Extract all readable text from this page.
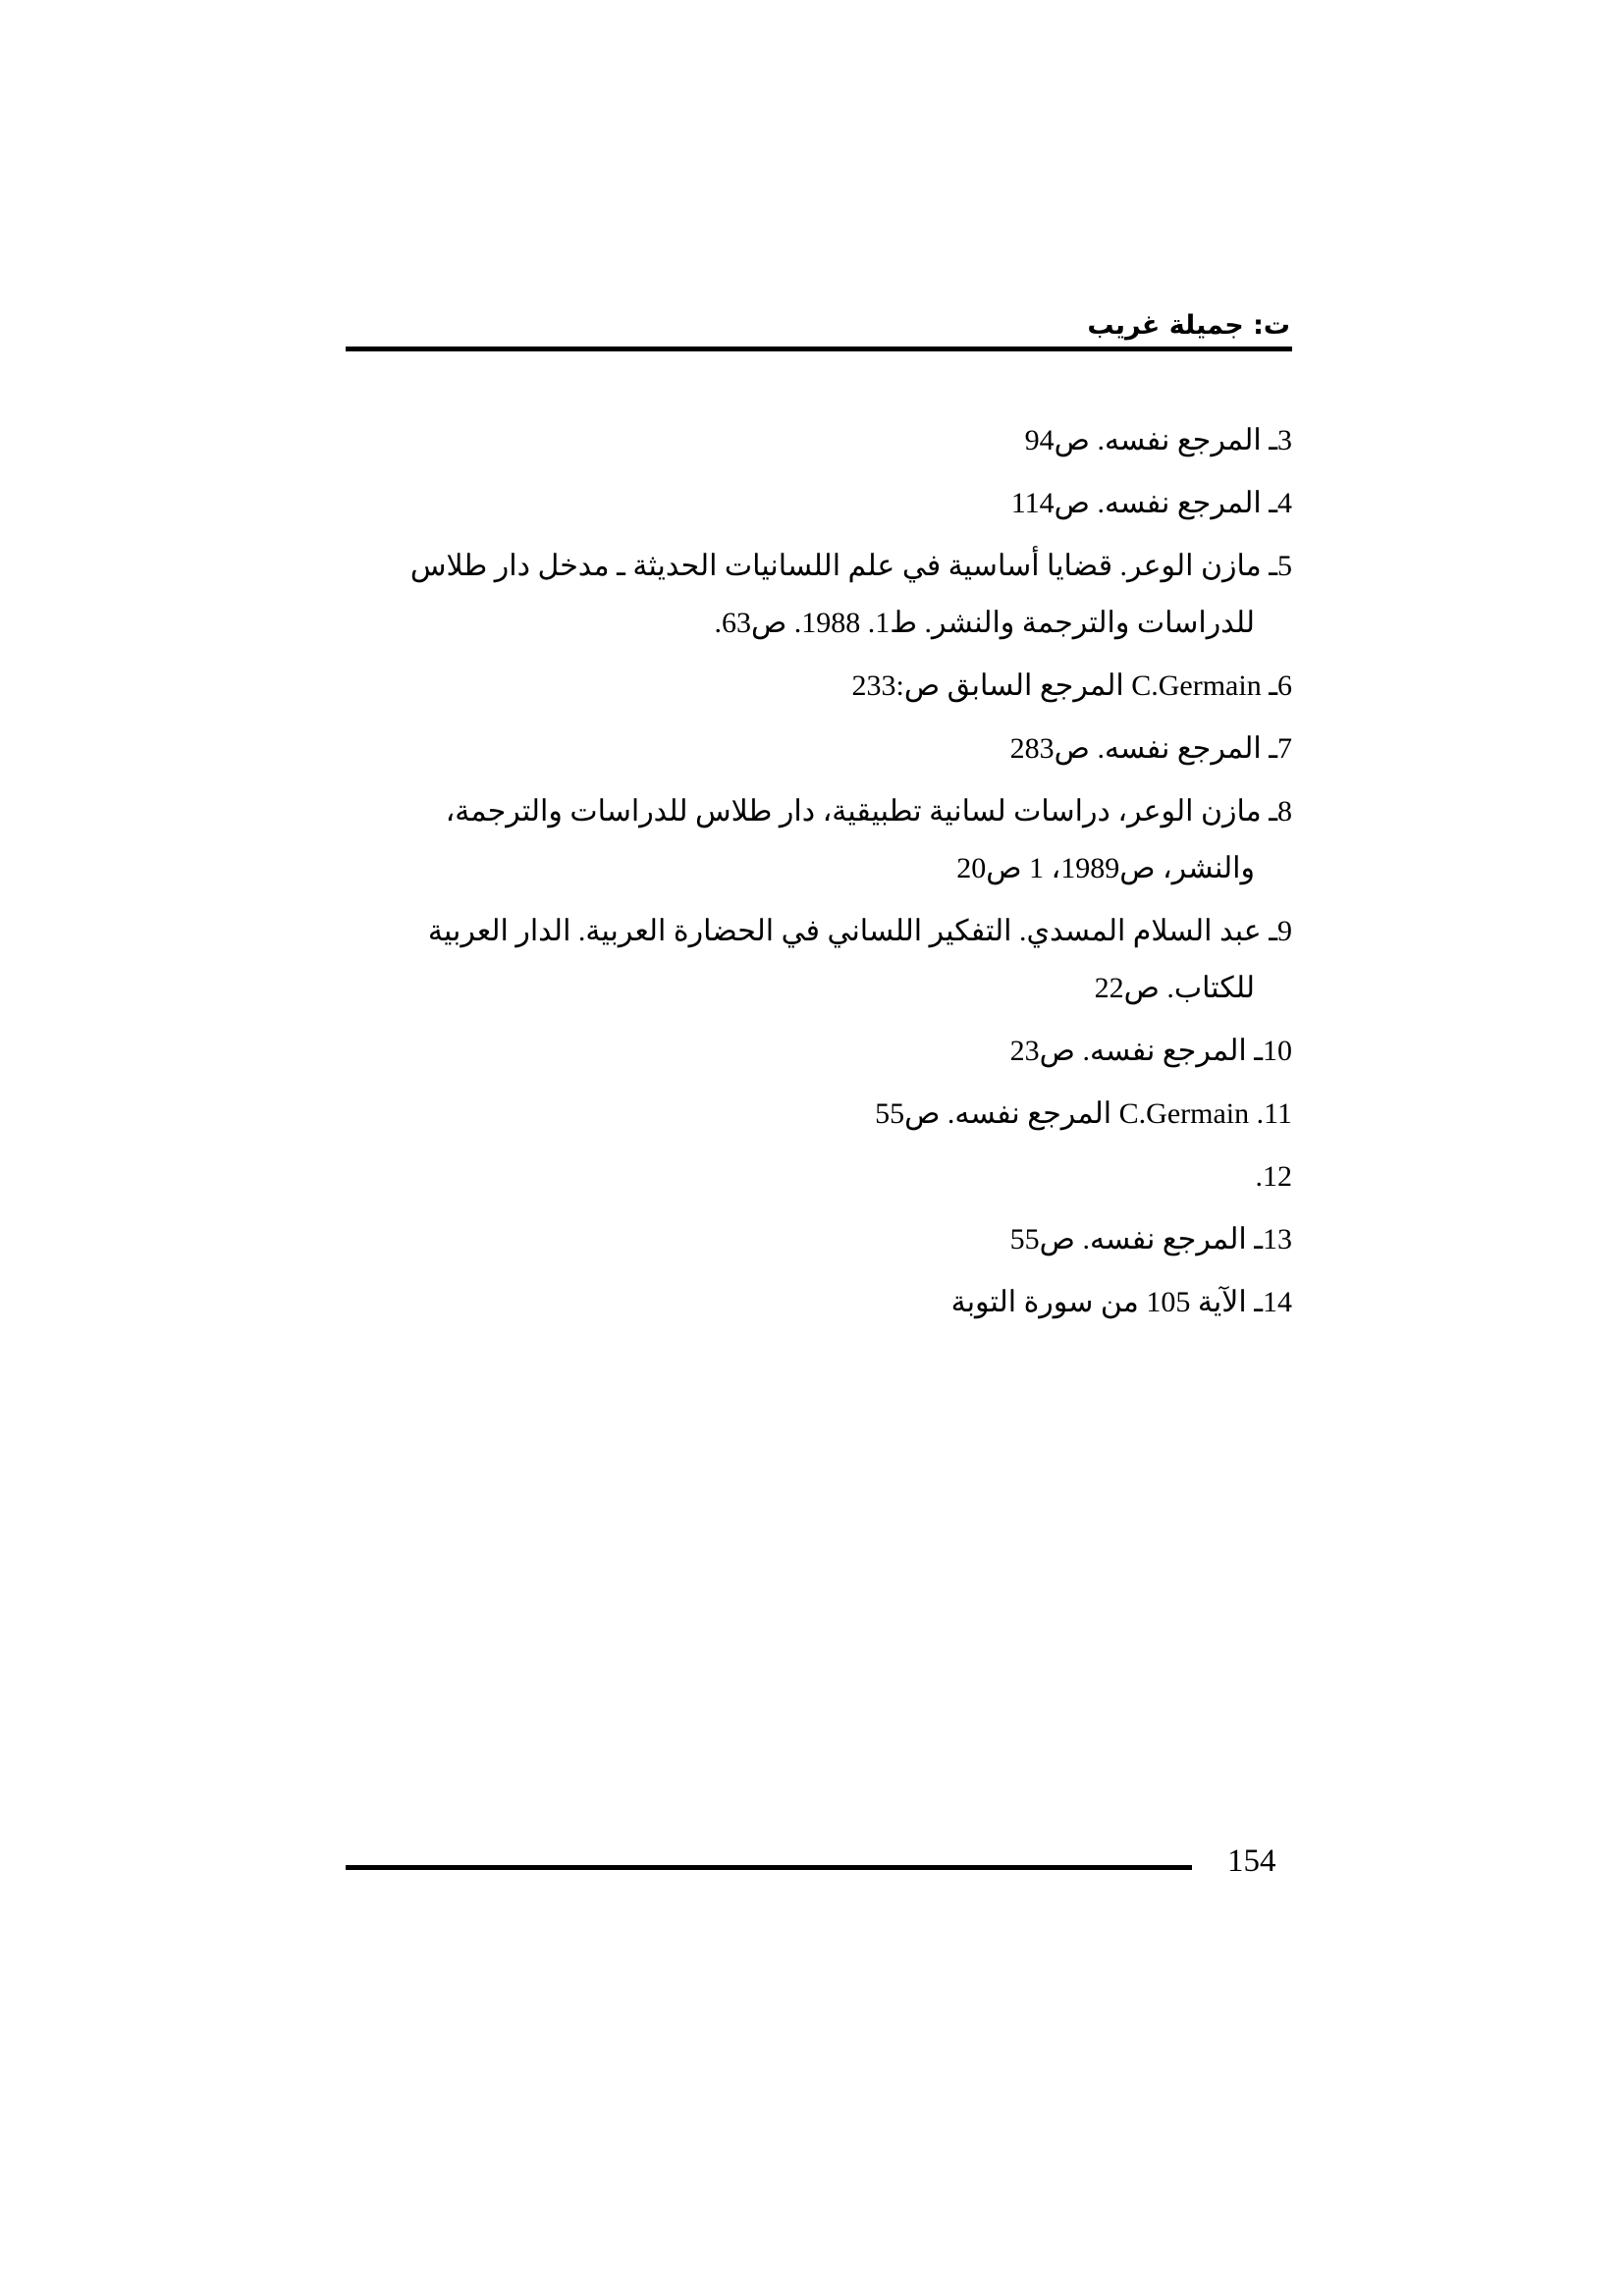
ت: جميلة غريب
3ـ المرجع نفسه. ص94
4ـ المرجع نفسه. ص114
5ـ مازن الوعر. قضايا أساسية في علم اللسانيات الحديثة ـ مدخل دار طلاس
للدراسات والترجمة والنشر. ط1. 1988. ص63.
6ـ C.Germain المرجع السابق ص:233
7ـ المرجع نفسه. ص283
8ـ مازن الوعر، دراسات لسانية تطبيقية، دار طلاس للدراسات والترجمة،
والنشر، ص1989، 1 ص20
9ـ عبد السلام المسدي. التفكير اللساني في الحضارة العربية. الدار العربية
للكتاب. ص22
10ـ المرجع نفسه. ص23
11. C.Germain المرجع نفسه. ص55
12.
13ـ المرجع نفسه. ص55
14ـ الآية 105 من سورة التوبة
154
